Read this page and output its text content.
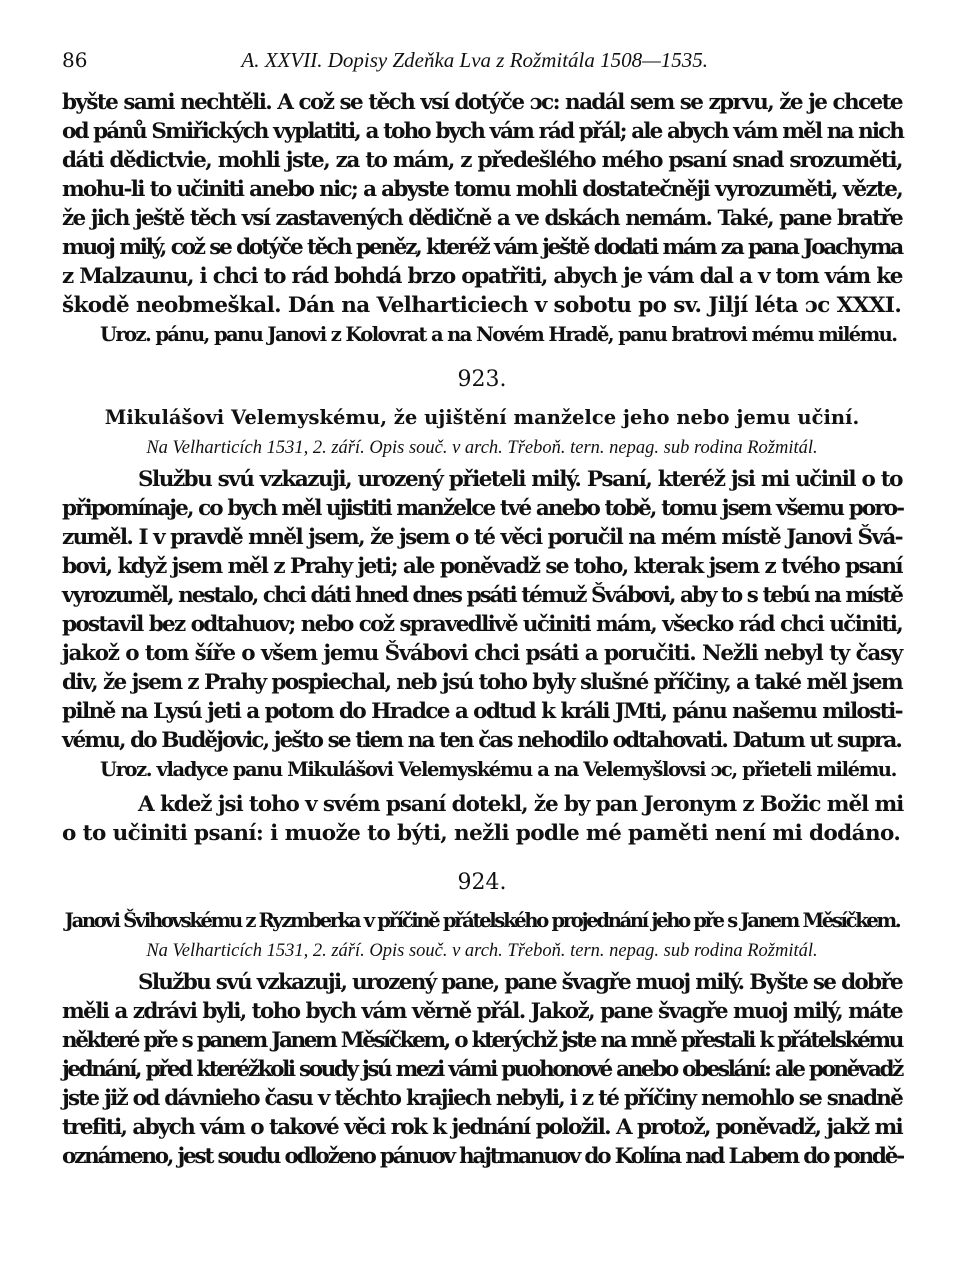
86	A. XXVII. Dopisy Zdeňka Lva z Rožmitála 1508—1535.
byšte sami nechtěli. A což se těch vsí dotýče ɔc: nadál sem se zprvu, že je chcete
od pánů Smiřických vyplatiti, a toho bych vám rád přál; ale abych vám měl na nich
dáti dědictvie, mohli jste, za to mám, z předešlého mého psaní snad srozuměti,
mohu-li to učiniti anebo nic; a abyste tomu mohli dostatečněji vyrozuměti, vězte,
že jich ještě těch vsí zastavených dědičně a ve dskách nemám. Také, pane bratře
muoj milý, což se dotýče těch peněz, kteréž vám ještě dodati mám za pana Joachyma
z Malzaunu, i chci to rád bohdá brzo opatřiti, abych je vám dal a v tom vám ke
škodě neobmeškal. Dán na Velharticiech v sobotu po sv. Jiljí léta ɔc XXXI.
Uroz. pánu, panu Janovi z Kolovrat a na Novém Hradě, panu bratrovi mému milému.
923.
Mikulášovi Velemyskému, že ujištění manželce jeho nebo jemu učiní.
Na Velharticích 1531, 2. září. Opis souč. v arch. Třeboň. tern. nepag. sub rodina Rožmitál.
Službu svú vzkazuji, urozený přieteli milý. Psaní, kteréž jsi mi učinil o to
připomínaje, co bych měl ujistiti manželce tvé anebo tobě, tomu jsem všemu poro-
zuměl. I v pravdě mněl jsem, že jsem o té věci poručil na mém místě Janovi Švá-
bovi, když jsem měl z Prahy jeti; ale poněvadž se toho, kterak jsem z tvého psaní
vyrozuměl, nestalo, chci dáti hned dnes psáti témuž Švábovi, aby to s tebú na místě
postavil bez odtahuov; nebo což spravedlivě učiniti mám, všecko rád chci učiniti,
jakož o tom šíře o všem jemu Švábovi chci psáti a poručiti. Nežli nebyl ty časy
div, že jsem z Prahy pospiechal, neb jsú toho byly slušné příčiny, a také měl jsem
pilně na Lysú jeti a potom do Hradce a odtud k králi JMti, pánu našemu milosti-
vému, do Budějovic, ješto se tiem na ten čas nehodilo odtahovati. Datum ut supra.
Uroz. vladyce panu Mikulášovi Velemyskému a na Velemyšlovsi ɔc, přieteli milému.
A kdež jsi toho v svém psaní dotekl, že by pan Jeronym z Božic měl mi
o to učiniti psaní: i muože to býti, nežli podle mé paměti není mi dodáno.
924.
Janovi Švihovskému z Ryzmberka v příčině přátelského projednání jeho pře s Janem Měsíčkem.
Na Velharticích 1531, 2. září. Opis souč. v arch. Třeboň. tern. nepag. sub rodina Rožmitál.
Službu svú vzkazuji, urozený pane, pane švagře muoj milý. Byšte se dobře
měli a zdrávi byli, toho bych vám věrně přál. Jakož, pane švagře muoj milý, máte
některé pře s panem Janem Měsíčkem, o kterýchž jste na mně přestali k přátelskému
jednání, před kteréžkoli soudy jsú mezi vámi puohonové anebo obeslání: ale poněvadž
jste již od dávnieho času v těchto krajiech nebyli, i z té příčiny nemohlo se snadně
trefiti, abych vám o takové věci rok k jednání položil. A protož, poněvadž, jakž mi
oznámeno, jest soudu odloženo pánuov hajtmanuov do Kolína nad Labem do pondě-
